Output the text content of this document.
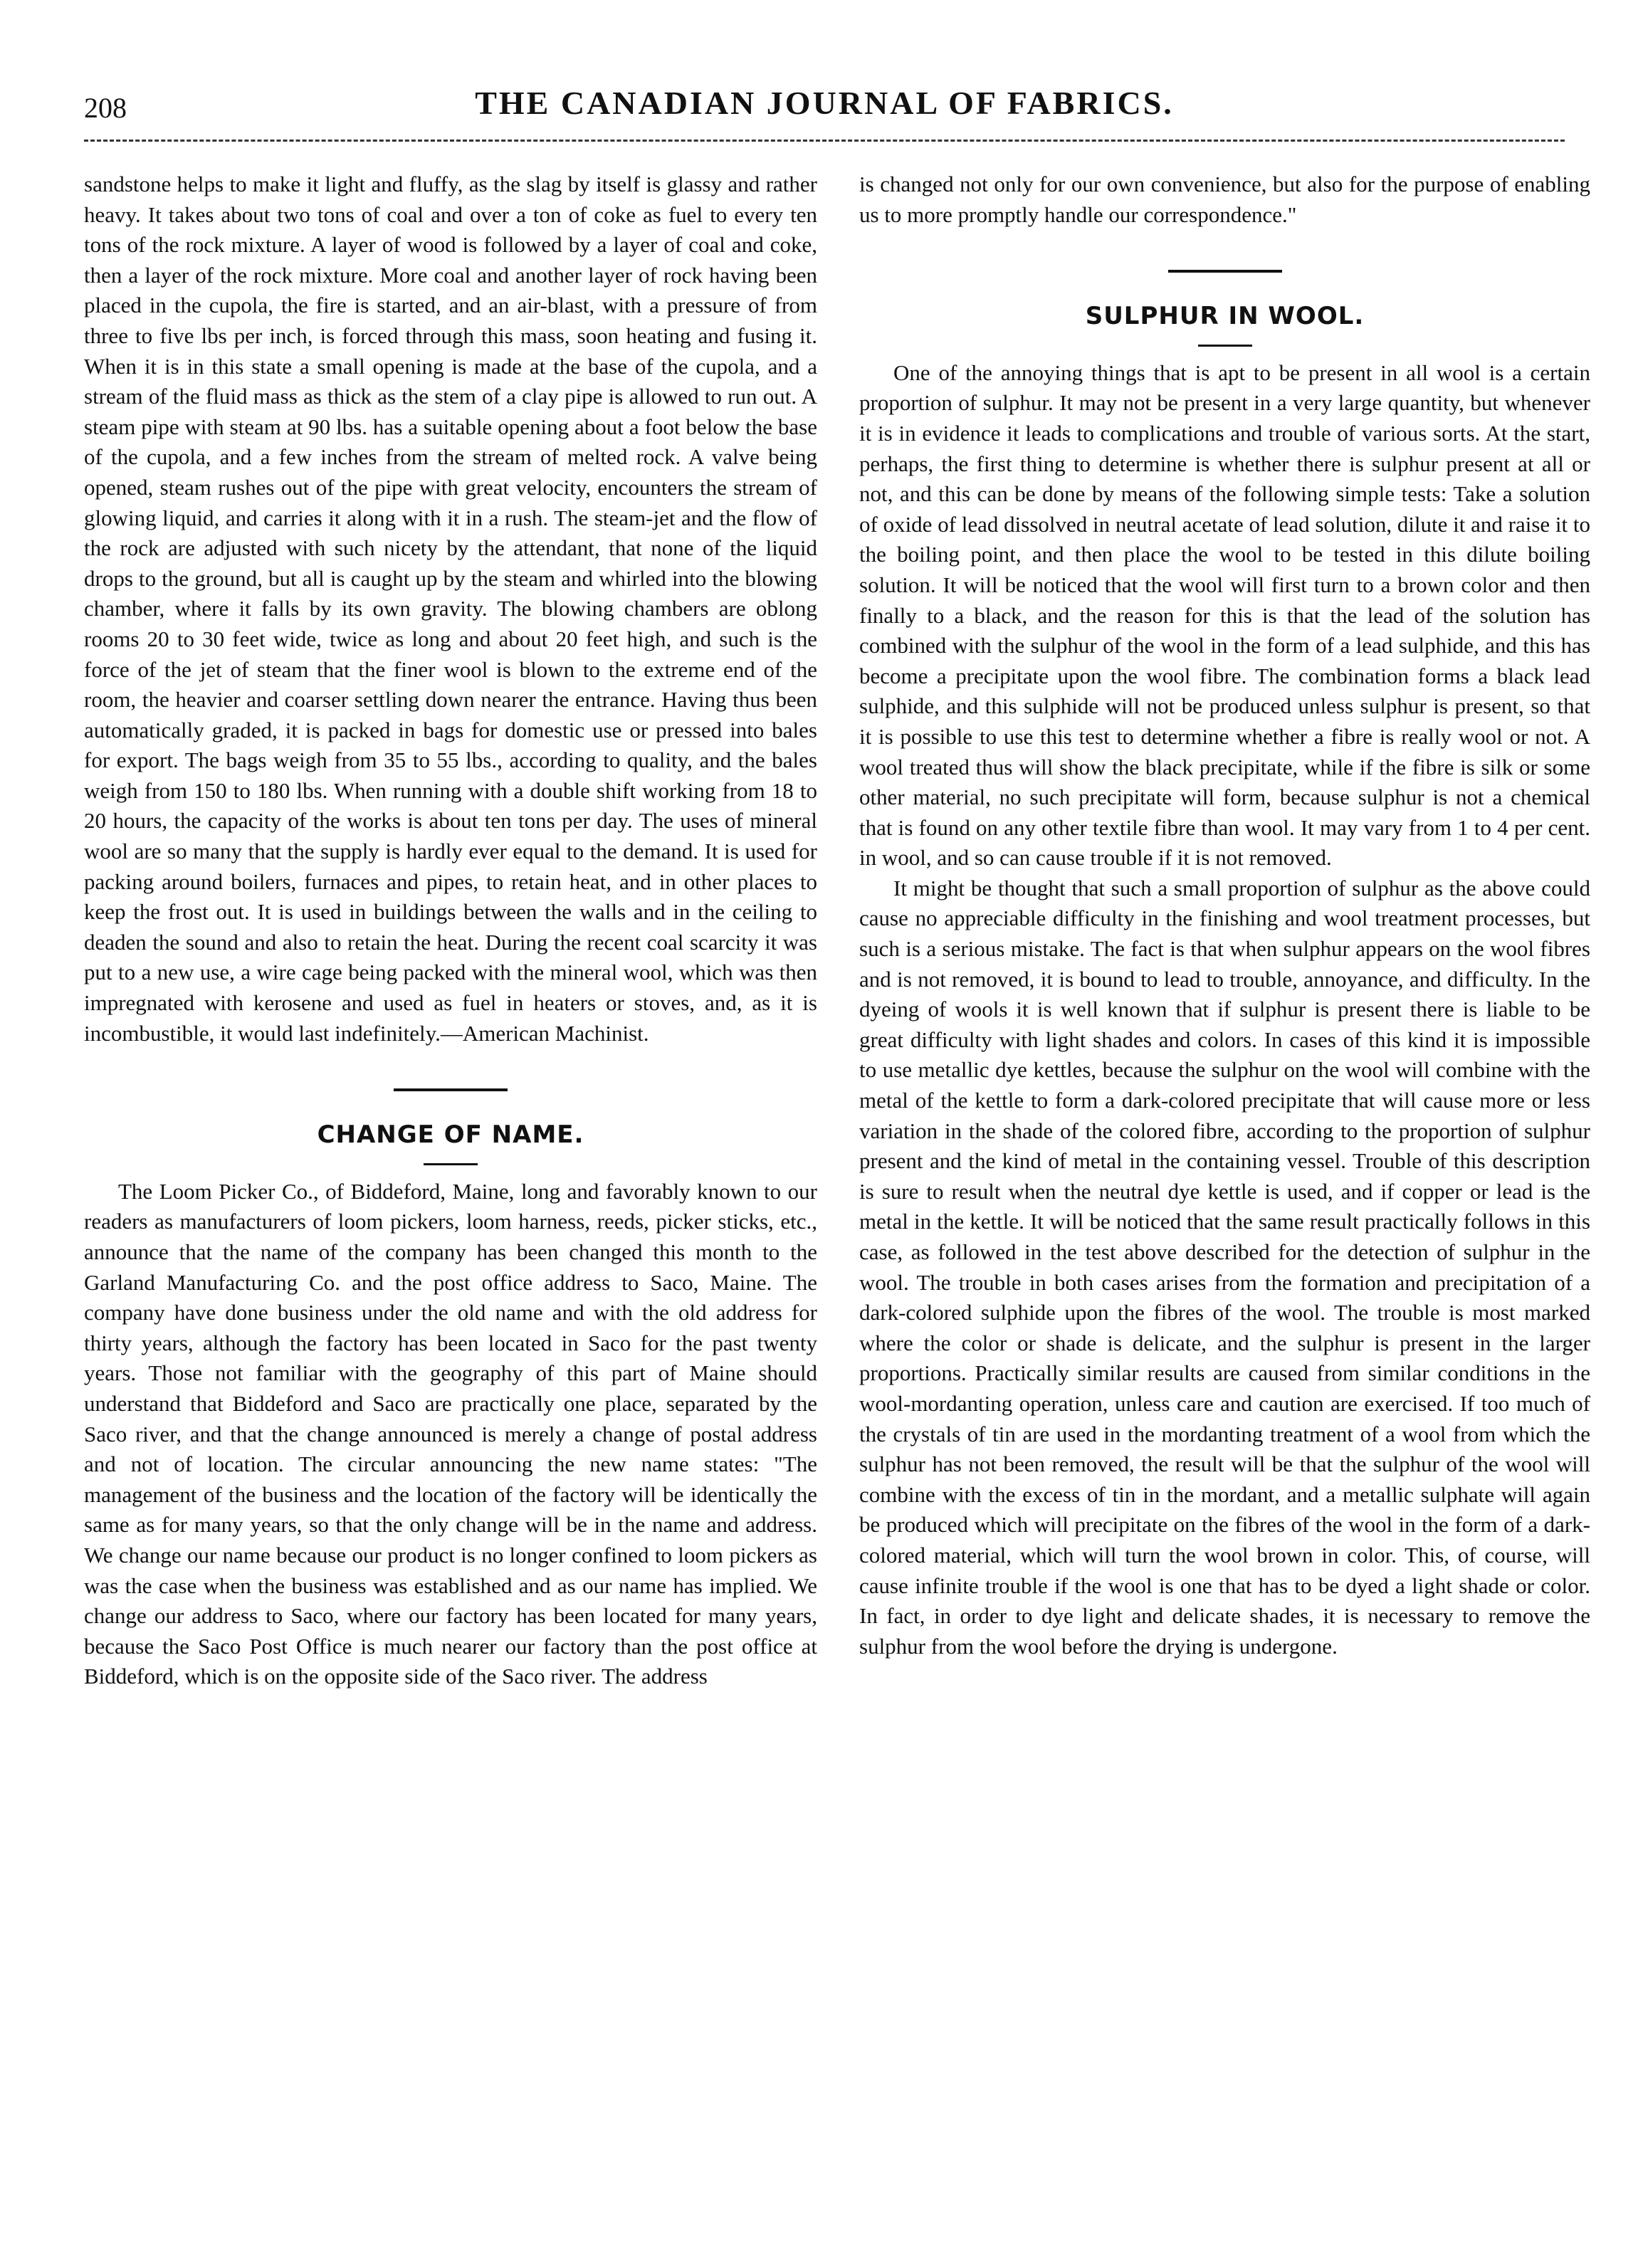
208	THE CANADIAN JOURNAL OF FABRICS.

sandstone helps to make it light and fluffy, as the slag by itself is glassy and rather heavy. It takes about two tons of coal and over a ton of coke as fuel to every ten tons of the rock mixture. A layer of wood is followed by a layer of coal and coke, then a layer of the rock mixture. More coal and another layer of rock having been placed in the cupola, the fire is started, and an air-blast, with a pressure of from three to five lbs per inch, is forced through this mass, soon heating and fusing it. When it is in this state a small opening is made at the base of the cupola, and a stream of the fluid mass as thick as the stem of a clay pipe is allowed to run out. A steam pipe with steam at 90 lbs. has a suitable opening about a foot below the base of the cupola, and a few inches from the stream of melted rock. A valve being opened, steam rushes out of the pipe with great velocity, encounters the stream of glowing liquid, and carries it along with it in a rush. The steam-jet and the flow of the rock are adjusted with such nicety by the attendant, that none of the liquid drops to the ground, but all is caught up by the steam and whirled into the blowing chamber, where it falls by its own gravity. The blowing chambers are oblong rooms 20 to 30 feet wide, twice as long and about 20 feet high, and such is the force of the jet of steam that the finer wool is blown to the extreme end of the room, the heavier and coarser settling down nearer the entrance. Having thus been automatically graded, it is packed in bags for domestic use or pressed into bales for export. The bags weigh from 35 to 55 lbs., according to quality, and the bales weigh from 150 to 180 lbs. When running with a double shift working from 18 to 20 hours, the capacity of the works is about ten tons per day. The uses of mineral wool are so many that the supply is hardly ever equal to the demand. It is used for packing around boilers, furnaces and pipes, to retain heat, and in other places to keep the frost out. It is used in buildings between the walls and in the ceiling to deaden the sound and also to retain the heat. During the recent coal scarcity it was put to a new use, a wire cage being packed with the mineral wool, which was then impregnated with kerosene and used as fuel in heaters or stoves, and, as it is incombustible, it would last indefinitely.—American Machinist.

CHANGE OF NAME.

The Loom Picker Co., of Biddeford, Maine, long and favorably known to our readers as manufacturers of loom pickers, loom harness, reeds, picker sticks, etc., announce that the name of the company has been changed this month to the Garland Manufacturing Co. and the post office address to Saco, Maine. The company have done business under the old name and with the old address for thirty years, although the factory has been located in Saco for the past twenty years. Those not familiar with the geography of this part of Maine should understand that Biddeford and Saco are practically one place, separated by the Saco river, and that the change announced is merely a change of postal address and not of location. The circular announcing the new name states: "The management of the business and the location of the factory will be identically the same as for many years, so that the only change will be in the name and address. We change our name because our product is no longer confined to loom pickers as was the case when the business was established and as our name has implied. We change our address to Saco, where our factory has been located for many years, because the Saco Post Office is much nearer our factory than the post office at Biddeford, which is on the opposite side of the Saco river. The address

is changed not only for our own convenience, but also for the purpose of enabling us to more promptly handle our correspondence."

SULPHUR IN WOOL.

One of the annoying things that is apt to be present in all wool is a certain proportion of sulphur. It may not be present in a very large quantity, but whenever it is in evidence it leads to complications and trouble of various sorts. At the start, perhaps, the first thing to determine is whether there is sulphur present at all or not, and this can be done by means of the following simple tests: Take a solution of oxide of lead dissolved in neutral acetate of lead solution, dilute it and raise it to the boiling point, and then place the wool to be tested in this dilute boiling solution. It will be noticed that the wool will first turn to a brown color and then finally to a black, and the reason for this is that the lead of the solution has combined with the sulphur of the wool in the form of a lead sulphide, and this has become a precipitate upon the wool fibre. The combination forms a black lead sulphide, and this sulphide will not be produced unless sulphur is present, so that it is possible to use this test to determine whether a fibre is really wool or not. A wool treated thus will show the black precipitate, while if the fibre is silk or some other material, no such precipitate will form, because sulphur is not a chemical that is found on any other textile fibre than wool. It may vary from 1 to 4 per cent. in wool, and so can cause trouble if it is not removed.

It might be thought that such a small proportion of sulphur as the above could cause no appreciable difficulty in the finishing and wool treatment processes, but such is a serious mistake. The fact is that when sulphur appears on the wool fibres and is not removed, it is bound to lead to trouble, annoyance, and difficulty. In the dyeing of wools it is well known that if sulphur is present there is liable to be great difficulty with light shades and colors. In cases of this kind it is impossible to use metallic dye kettles, because the sulphur on the wool will combine with the metal of the kettle to form a dark-colored precipitate that will cause more or less variation in the shade of the colored fibre, according to the proportion of sulphur present and the kind of metal in the containing vessel. Trouble of this description is sure to result when the neutral dye kettle is used, and if copper or lead is the metal in the kettle. It will be noticed that the same result practically follows in this case, as followed in the test above described for the detection of sulphur in the wool. The trouble in both cases arises from the formation and precipitation of a dark-colored sulphide upon the fibres of the wool. The trouble is most marked where the color or shade is delicate, and the sulphur is present in the larger proportions. Practically similar results are caused from similar conditions in the wool-mordanting operation, unless care and caution are exercised. If too much of the crystals of tin are used in the mordanting treatment of a wool from which the sulphur has not been removed, the result will be that the sulphur of the wool will combine with the excess of tin in the mordant, and a metallic sulphate will again be produced which will precipitate on the fibres of the wool in the form of a dark-colored material, which will turn the wool brown in color. This, of course, will cause infinite trouble if the wool is one that has to be dyed a light shade or color. In fact, in order to dye light and delicate shades, it is necessary to remove the sulphur from the wool before the drying is undergone.
